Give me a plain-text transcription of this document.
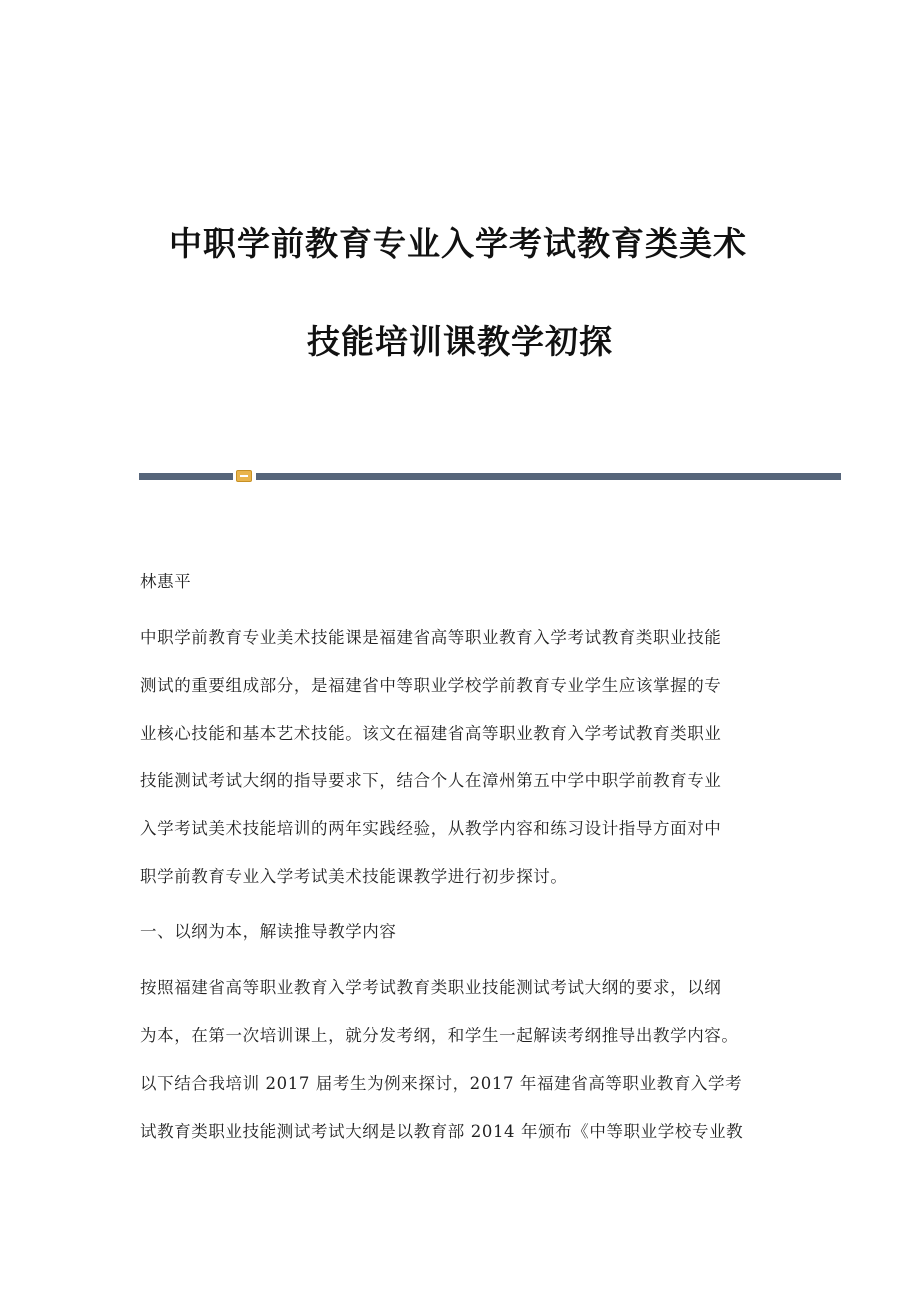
中职学前教育专业入学考试教育类美术
技能培训课教学初探
林惠平
中职学前教育专业美术技能课是福建省高等职业教育入学考试教育类职业技能
测试的重要组成部分，是福建省中等职业学校学前教育专业学生应该掌握的专
业核心技能和基本艺术技能。该文在福建省高等职业教育入学考试教育类职业
技能测试考试大纲的指导要求下，结合个人在漳州第五中学中职学前教育专业
入学考试美术技能培训的两年实践经验，从教学内容和练习设计指导方面对中
职学前教育专业入学考试美术技能课教学进行初步探讨。
一、以纲为本，解读推导教学内容
按照福建省高等职业教育入学考试教育类职业技能测试考试大纲的要求，以纲
为本，在第一次培训课上，就分发考纲，和学生一起解读考纲推导出教学内容。
以下结合我培训 2017 届考生为例来探讨，2017 年福建省高等职业教育入学考
试教育类职业技能测试考试大纲是以教育部 2014 年颁布《中等职业学校专业教
